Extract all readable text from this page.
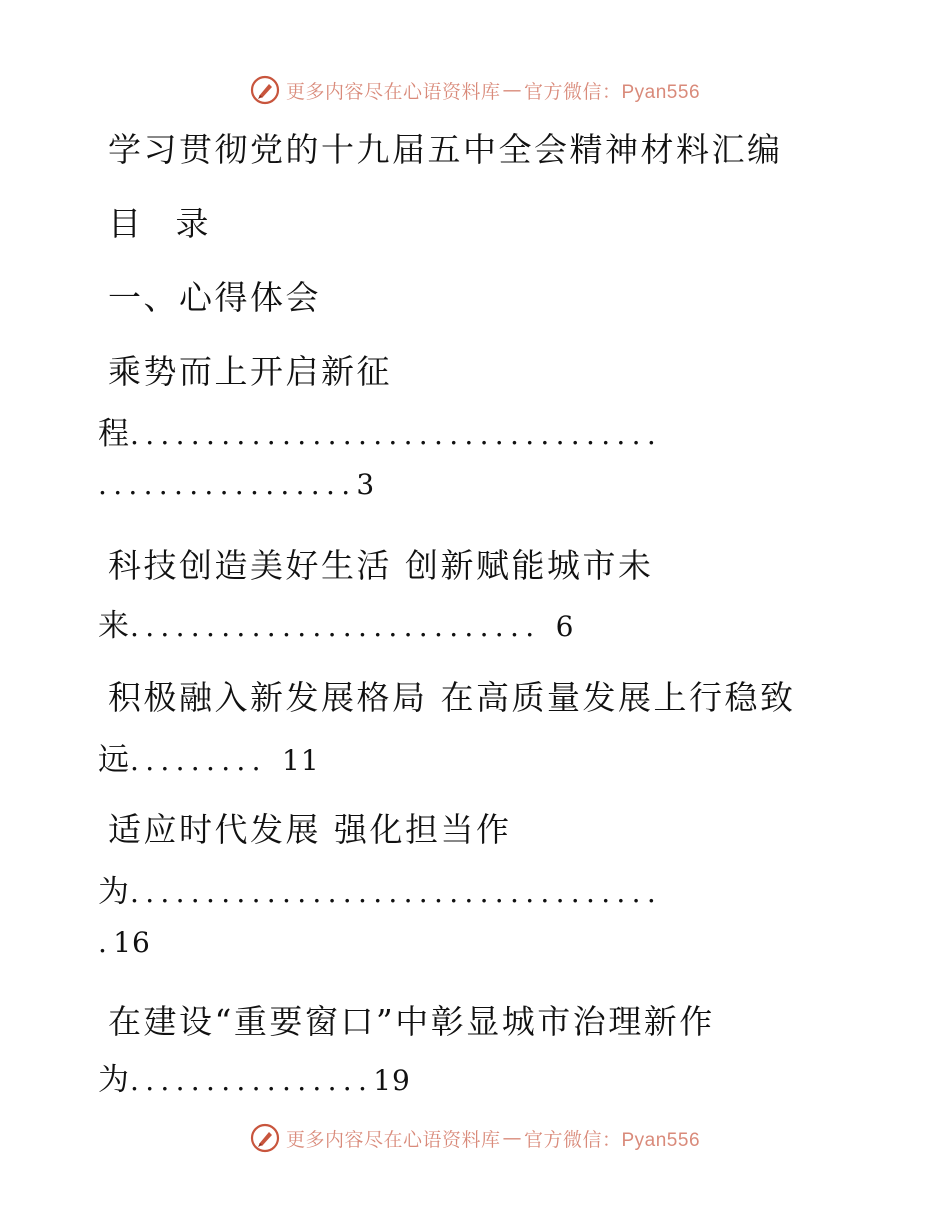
更多内容尽在心语资料库 — 官方微信：Pyan556
学习贯彻党的十九届五中全会精神材料汇编
目 录
一、心得体会
乘势而上开启新征
程...................................
.................3
科技创造美好生活 创新赋能城市未
来........................... 6
积极融入新发展格局 在高质量发展上行稳致
远......... 11
适应时代发展 强化担当作
为...................................
.16
在建设“重要窗口”中彰显城市治理新作
为................19
更多内容尽在心语资料库 — 官方微信：Pyan556
